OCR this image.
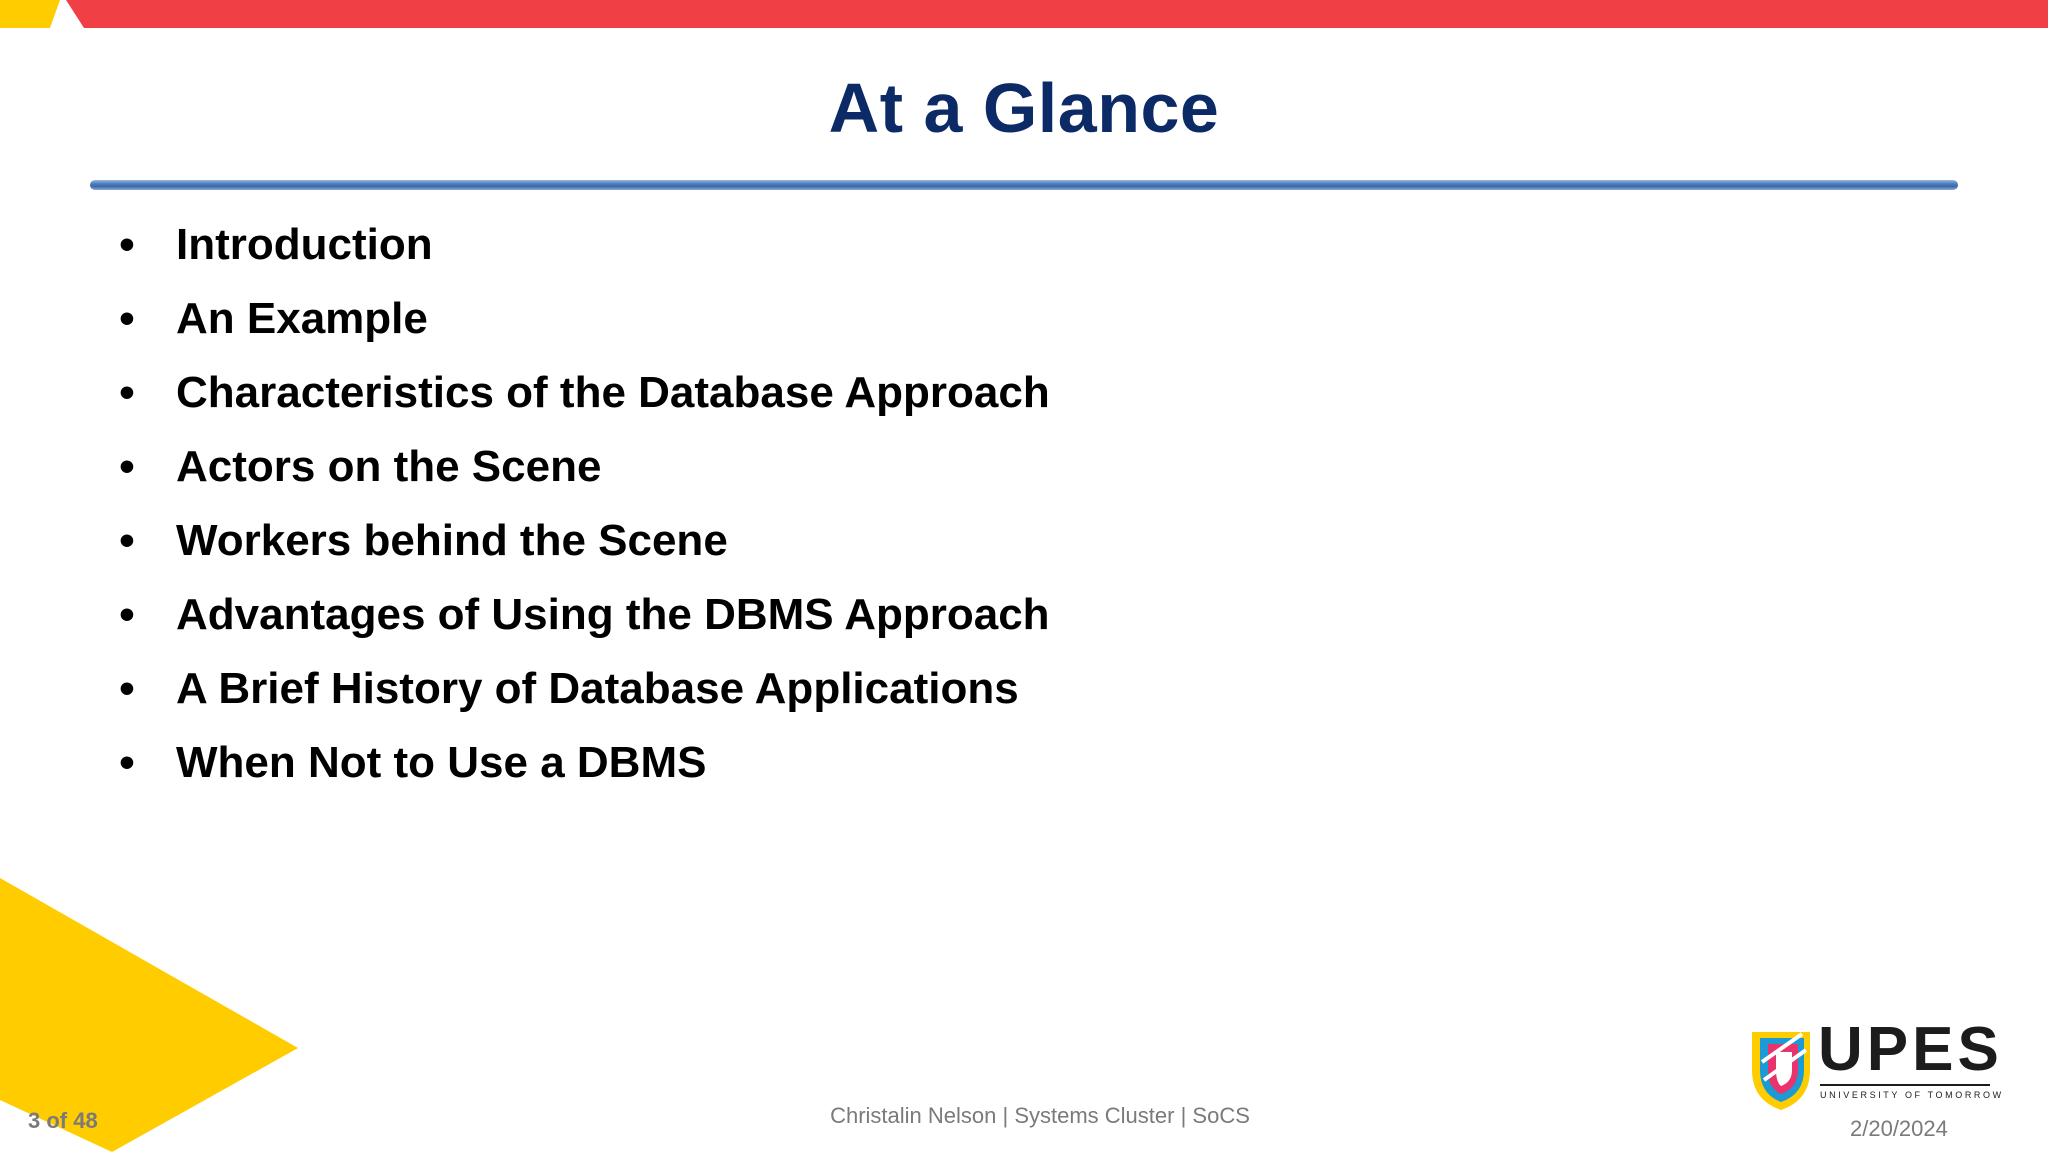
At a Glance
• Introduction
• An Example
• Characteristics of the Database Approach
• Actors on the Scene
• Workers behind the Scene
• Advantages of Using the DBMS Approach
• A Brief History of Database Applications
• When Not to Use a DBMS
3 of 48	Christalin Nelson | Systems Cluster | SoCS
UPES
UNIVERSITY OF TOMORROW
2/20/2024
